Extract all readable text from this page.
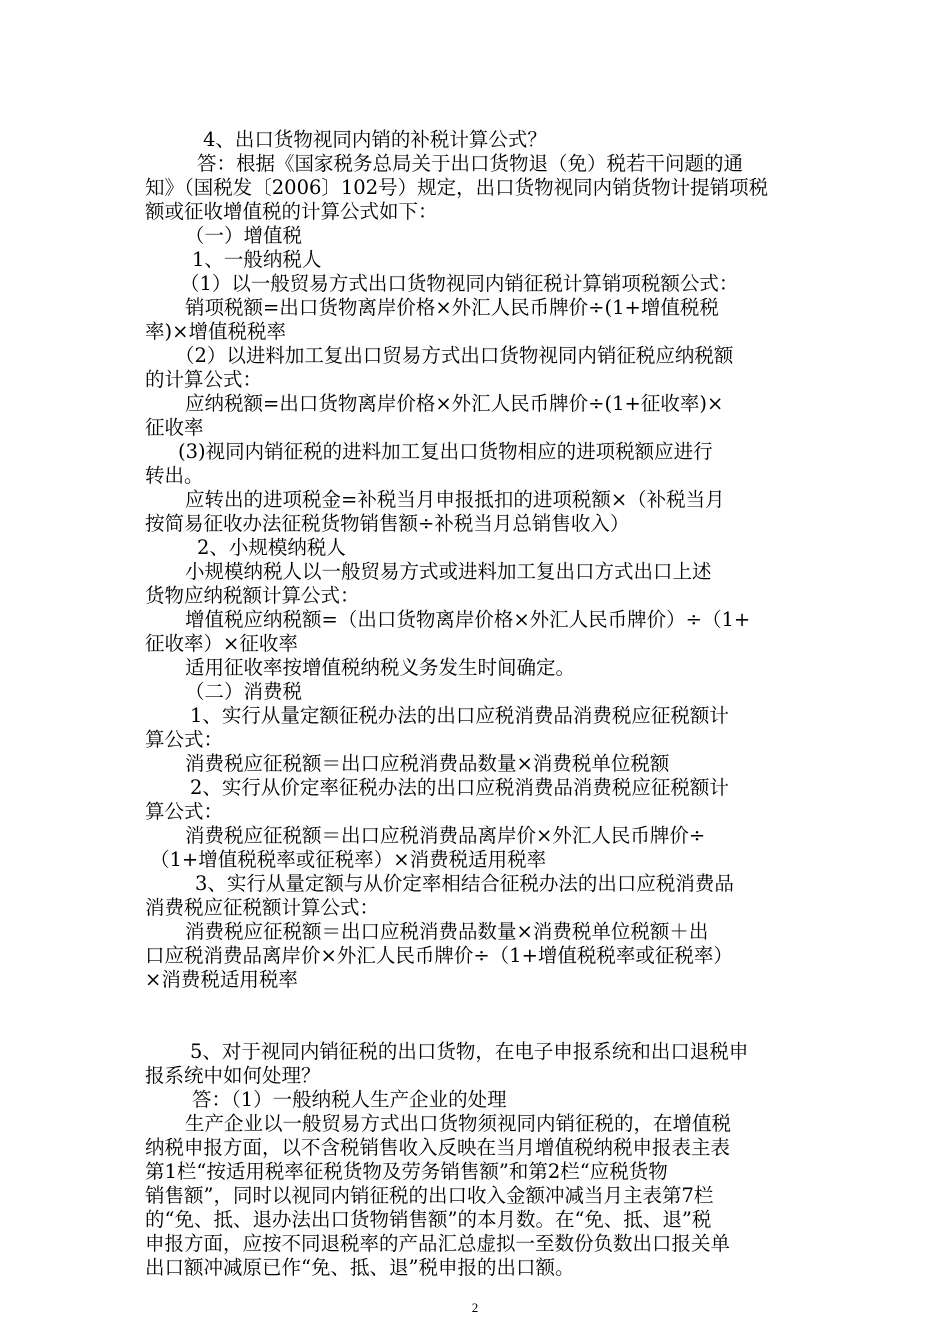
4、出口货物视同内销的补税计算公式？
答：根据《国家税务总局关于出口货物退（免）税若干问题的通
知》（国税发〔2006〕102号）规定，出口货物视同内销货物计提销项税
额或征收增值税的计算公式如下：
（一）增值税
1、一般纳税人
（1）以一般贸易方式出口货物视同内销征税计算销项税额公式：
销项税额=出口货物离岸价格×外汇人民币牌价÷(1+增值税税
率)×增值税税率
（2）以进料加工复出口贸易方式出口货物视同内销征税应纳税额
的计算公式：
应纳税额=出口货物离岸价格×外汇人民币牌价÷(1+征收率)×
征收率
(3)视同内销征税的进料加工复出口货物相应的进项税额应进行
转出。
应转出的进项税金=补税当月申报抵扣的进项税额×（补税当月
按简易征收办法征税货物销售额÷补税当月总销售收入）
2、小规模纳税人
小规模纳税人以一般贸易方式或进料加工复出口方式出口上述
货物应纳税额计算公式：
增值税应纳税额=（出口货物离岸价格×外汇人民币牌价）÷（1+
征收率）×征收率
适用征收率按增值税纳税义务发生时间确定。
（二）消费税
1、实行从量定额征税办法的出口应税消费品消费税应征税额计
算公式：
消费税应征税额＝出口应税消费品数量×消费税单位税额
2、实行从价定率征税办法的出口应税消费品消费税应征税额计
算公式：
消费税应征税额＝出口应税消费品离岸价×外汇人民币牌价÷
（1+增值税税率或征税率）×消费税适用税率
3、实行从量定额与从价定率相结合征税办法的出口应税消费品
消费税应征税额计算公式：
消费税应征税额＝出口应税消费品数量×消费税单位税额＋出
口应税消费品离岸价×外汇人民币牌价÷（1+增值税税率或征税率）
×消费税适用税率
5、对于视同内销征税的出口货物，在电子申报系统和出口退税申
报系统中如何处理？
答：（1）一般纳税人生产企业的处理
生产企业以一般贸易方式出口货物须视同内销征税的，在增值税
纳税申报方面，以不含税销售收入反映在当月增值税纳税申报表主表
第1栏“按适用税率征税货物及劳务销售额”和第2栏“应税货物
销售额”，同时以视同内销征税的出口收入金额冲减当月主表第7栏
的“免、抵、退办法出口货物销售额”的本月数。在“免、抵、退”税
申报方面，应按不同退税率的产品汇总虚拟一至数份负数出口报关单
出口额冲减原已作“免、抵、退”税申报的出口额。
2
